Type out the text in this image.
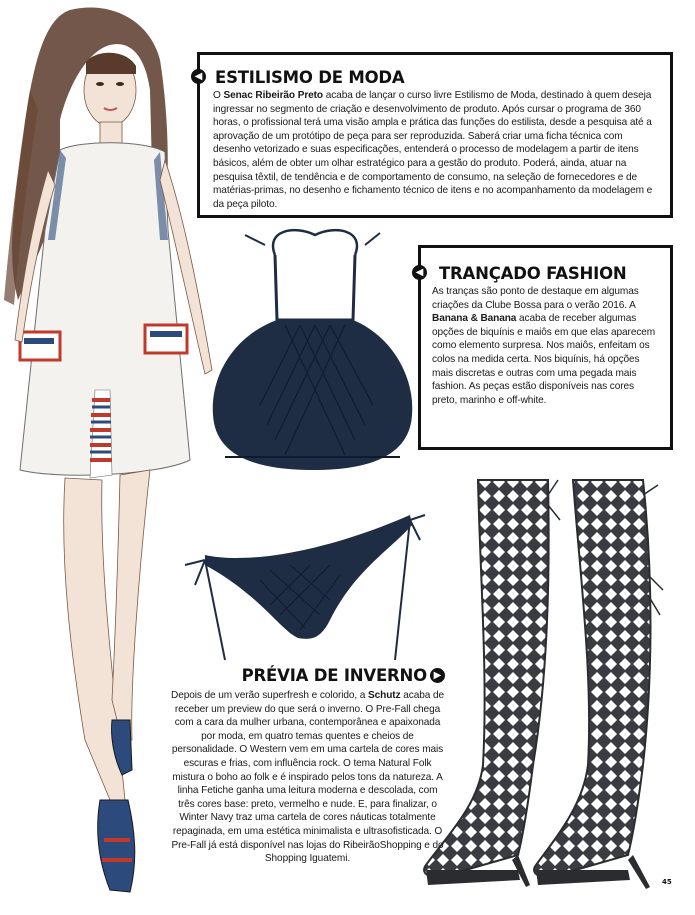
◀ ESTILISMO DE MODA

O Senac Ribeirão Preto acaba de lançar o curso livre Estilismo de Moda, destinado à quem deseja ingressar no segmento de criação e desenvolvimento de produto. Após cursar o programa de 360 horas, o profissional terá uma visão ampla e prática das funções do estilista, desde a pesquisa até a aprovação de um protótipo de peça para ser reproduzida. Saberá criar uma ficha técnica com desenho vetorizado e suas especificações, entenderá o processo de modelagem a partir de itens básicos, além de obter um olhar estratégico para a gestão do produto. Poderá, ainda, atuar na pesquisa têxtil, de tendência e de comportamento de consumo, na seleção de fornecedores e de matérias-primas, no desenho e fichamento técnico de itens e no acompanhamento da modelagem e da peça piloto.

◀ TRANÇADO FASHION

As tranças são ponto de destaque em algumas criações da Clube Bossa para o verão 2016. A Banana & Banana acaba de receber algumas opções de biquínis e maiôs em que elas aparecem como elemento surpresa. Nos maiôs, enfeitam os colos na medida certa. Nos biquínis, há opções mais discretas e outras com uma pegada mais fashion. As peças estão disponíveis nas cores preto, marinho e off-white.

PRÉVIA DE INVERNO ▶

Depois de um verão superfresh e colorido, a Schutz acaba de receber um preview do que será o inverno. O Pre-Fall chega com a cara da mulher urbana, contemporânea e apaixonada por moda, em quatro temas quentes e cheios de personalidade. O Western vem em uma cartela de cores mais escuras e frias, com influência rock. O tema Natural Folk mistura o boho ao folk e é inspirado pelos tons da natureza. A linha Fetiche ganha uma leitura moderna e descolada, com três cores base: preto, vermelho e nude. E, para finalizar, o Winter Navy traz uma cartela de cores náuticas totalmente repaginada, em uma estética minimalista e ultrasofisticada. O Pre-Fall já está disponível nas lojas do RibeirãoShopping e do Shopping Iguatemi.

45
